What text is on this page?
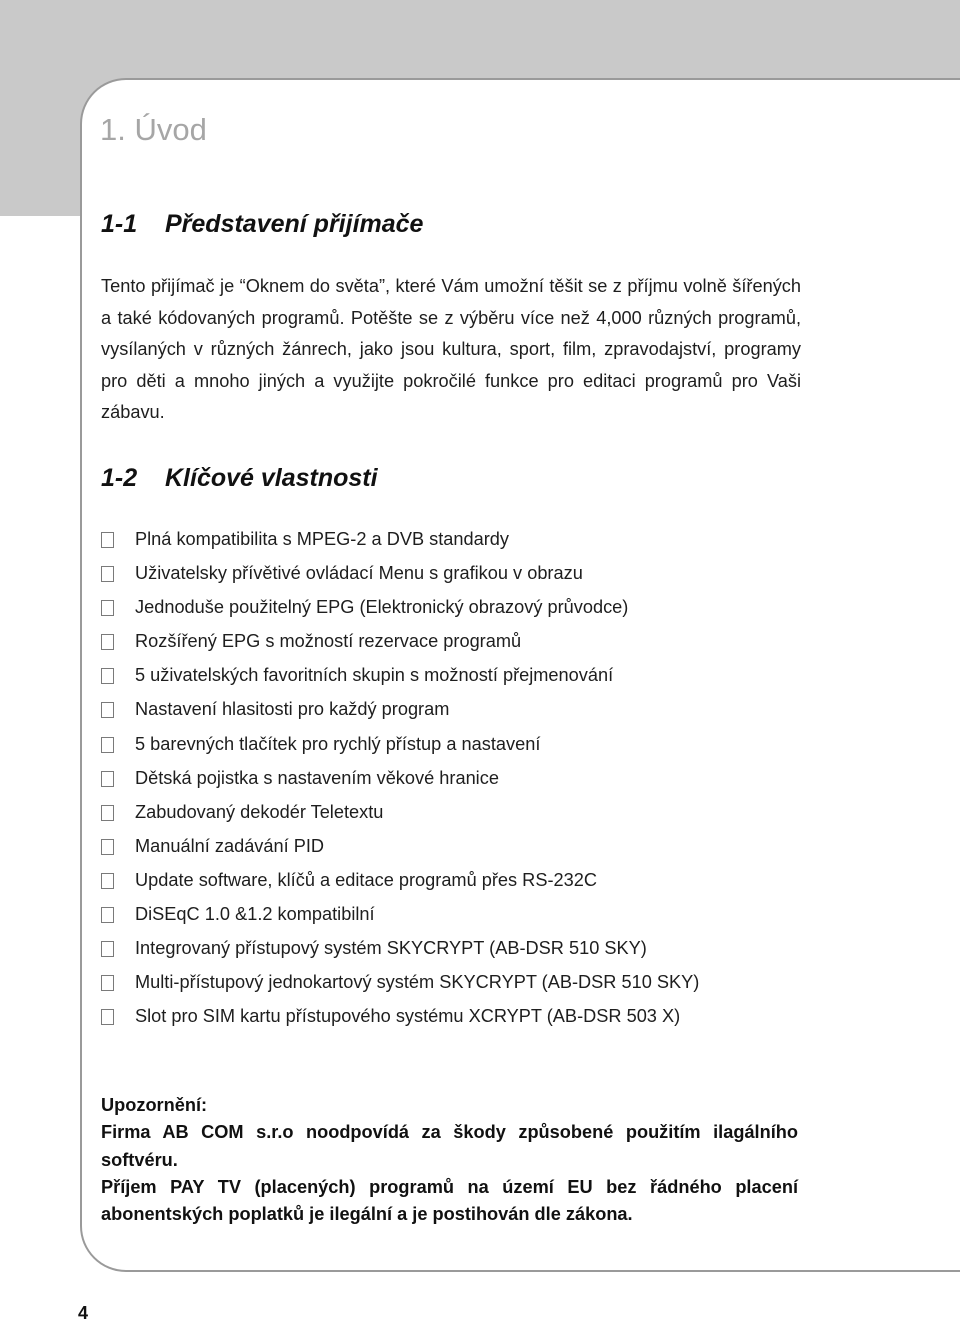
1. Úvod
1-1 Představení přijímače

Tento přijímač je “Oknem do světa”, které Vám umožní těšit se z příjmu volně šířených a také kódovaných programů. Potěšte se z výběru více než 4,000 různých programů, vysílaných v různých žánrech, jako jsou kultura, sport, film, zpravodajství, programy pro děti a mnoho jiných a využijte pokročilé funkce pro editaci programů pro Vaši zábavu.

1-2 Klíčové vlastnosti
Plná kompatibilita s MPEG-2 a DVB standardy
Uživatelsky přívětivé ovládací Menu s grafikou v obrazu
Jednoduše použitelný EPG (Elektronický obrazový průvodce)
Rozšířený EPG s možností rezervace programů
5 uživatelských favoritních skupin s možností přejmenování
Nastavení hlasitosti pro každý program
5 barevných tlačítek pro rychlý přístup a nastavení
Dětská pojistka s nastavením věkové hranice
Zabudovaný dekodér Teletextu
Manuální zadávání PID
Update software, klíčů a editace programů přes RS-232C
DiSEqC 1.0 &1.2 kompatibilní
Integrovaný přístupový systém SKYCRYPT (AB-DSR 510 SKY)
Multi-přístupový jednokartový systém SKYCRYPT (AB-DSR 510 SKY)
Slot pro SIM kartu přístupového systému XCRYPT (AB-DSR 503 X)

Upozornění:

Firma AB COM s.r.o noodpovídá za škody způsobené použitím ilagálního softvéru.

Příjem PAY TV (placených) programů na území EU bez řádného placení abonentských poplatků je ilegální a je postihován dle zákona.

4
